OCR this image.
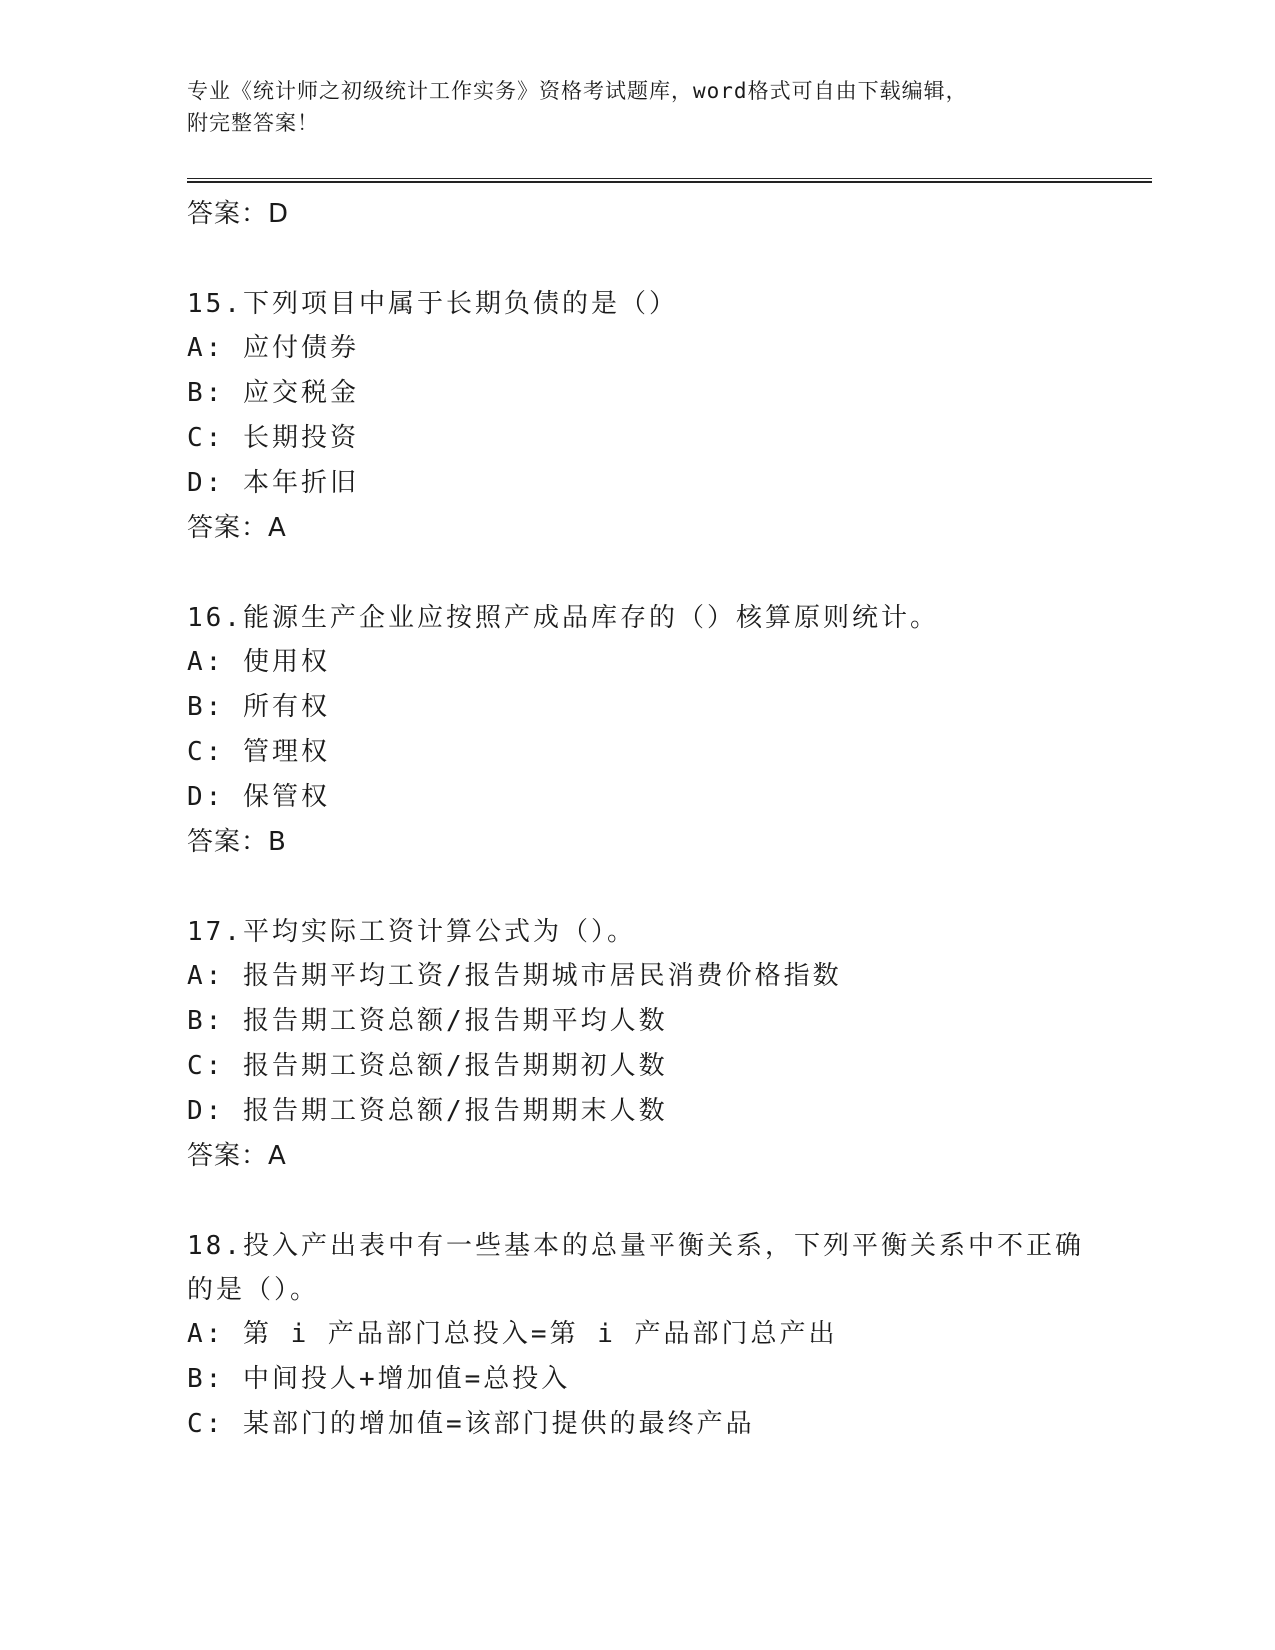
专业《统计师之初级统计工作实务》资格考试题库，word格式可自由下载编辑，
附完整答案！
答案：D
15.下列项目中属于长期负债的是（）
A: 应付债券
B: 应交税金
C: 长期投资
D: 本年折旧
答案：A
16.能源生产企业应按照产成品库存的（）核算原则统计。
A: 使用权
B: 所有权
C: 管理权
D: 保管权
答案：B
17.平均实际工资计算公式为（）。
A: 报告期平均工资/报告期城市居民消费价格指数
B: 报告期工资总额/报告期平均人数
C: 报告期工资总额/报告期期初人数
D: 报告期工资总额/报告期期末人数
答案：A
18.投入产出表中有一些基本的总量平衡关系，下列平衡关系中不正确
的是（）。
A: 第 i 产品部门总投入=第 i 产品部门总产出
B: 中间投人+增加值=总投入
C: 某部门的增加值=该部门提供的最终产品
